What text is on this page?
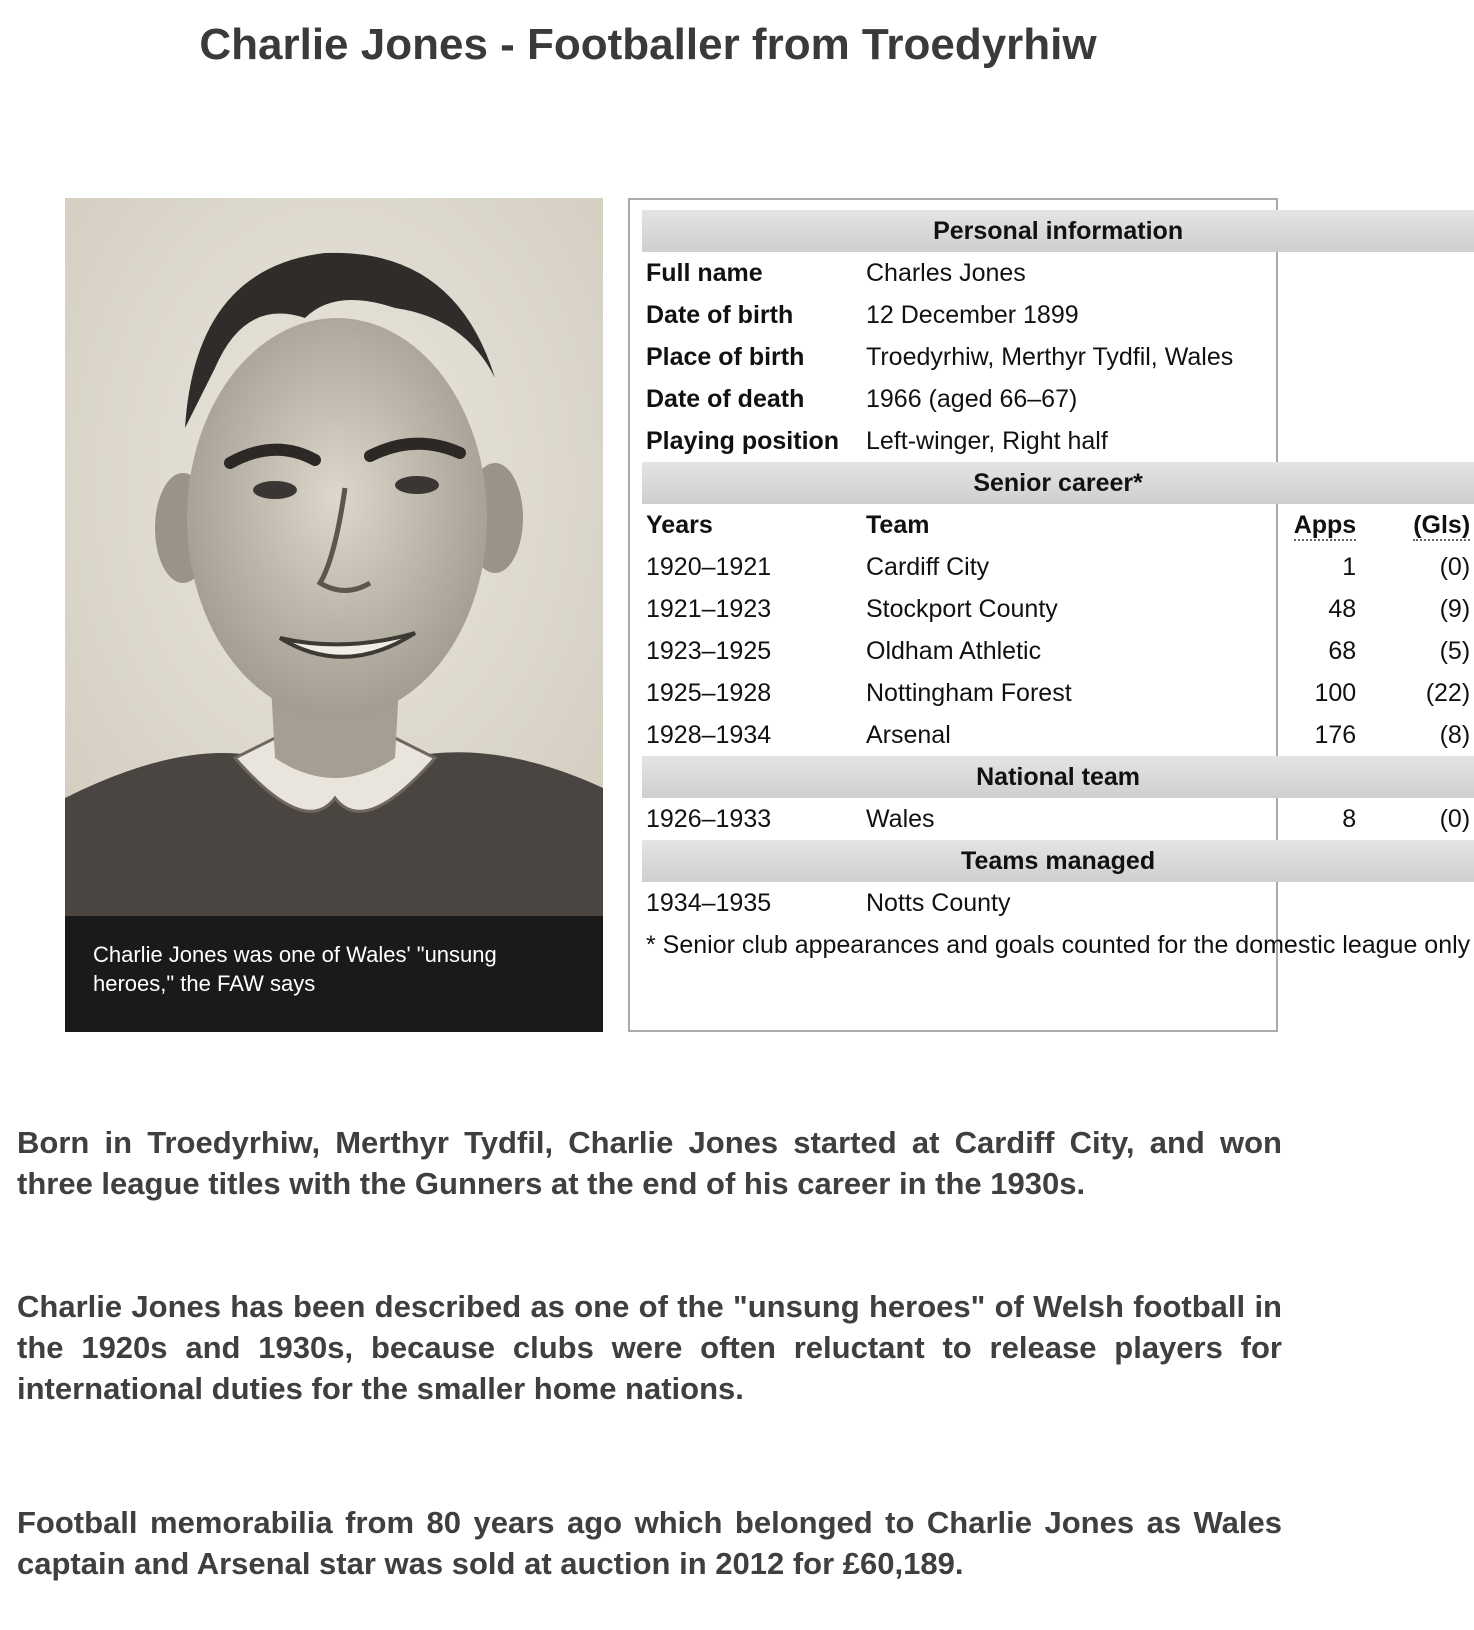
Charlie Jones - Footballer from Troedyrhiw
Charlie Jones was one of Wales' "unsung heroes," the FAW says
Personal information			
Full name	Charles Jones		
Date of birth	12 December 1899		
Place of birth	Troedyrhiw, Merthyr Tydfil, Wales		
Date of death	1966 (aged 66–67)		
Playing position	Left-winger, Right half		
Senior career*			
Years	Team	Apps	(Gls)
1920–1921	Cardiff City	1	(0)
1921–1923	Stockport County	48	(9)
1923–1925	Oldham Athletic	68	(5)
1925–1928	Nottingham Forest	100	(22)
1928–1934	Arsenal	176	(8)
National team			
1926–1933	Wales	8	(0)
Teams managed			
1934–1935	Notts County		
* Senior club appearances and goals counted for the domestic league only			

Born in Troedyrhiw, Merthyr Tydfil, Charlie Jones started at Cardiff City, and won three league titles with the Gunners at the end of his career in the 1930s.

Charlie Jones has been described as one of the "unsung heroes" of Welsh football in the 1920s and 1930s, because clubs were often reluctant to release players for international duties for the smaller home nations.

Football memorabilia from 80 years ago which belonged to Charlie Jones as Wales captain and Arsenal star was sold at auction in 2012 for £60,189.
